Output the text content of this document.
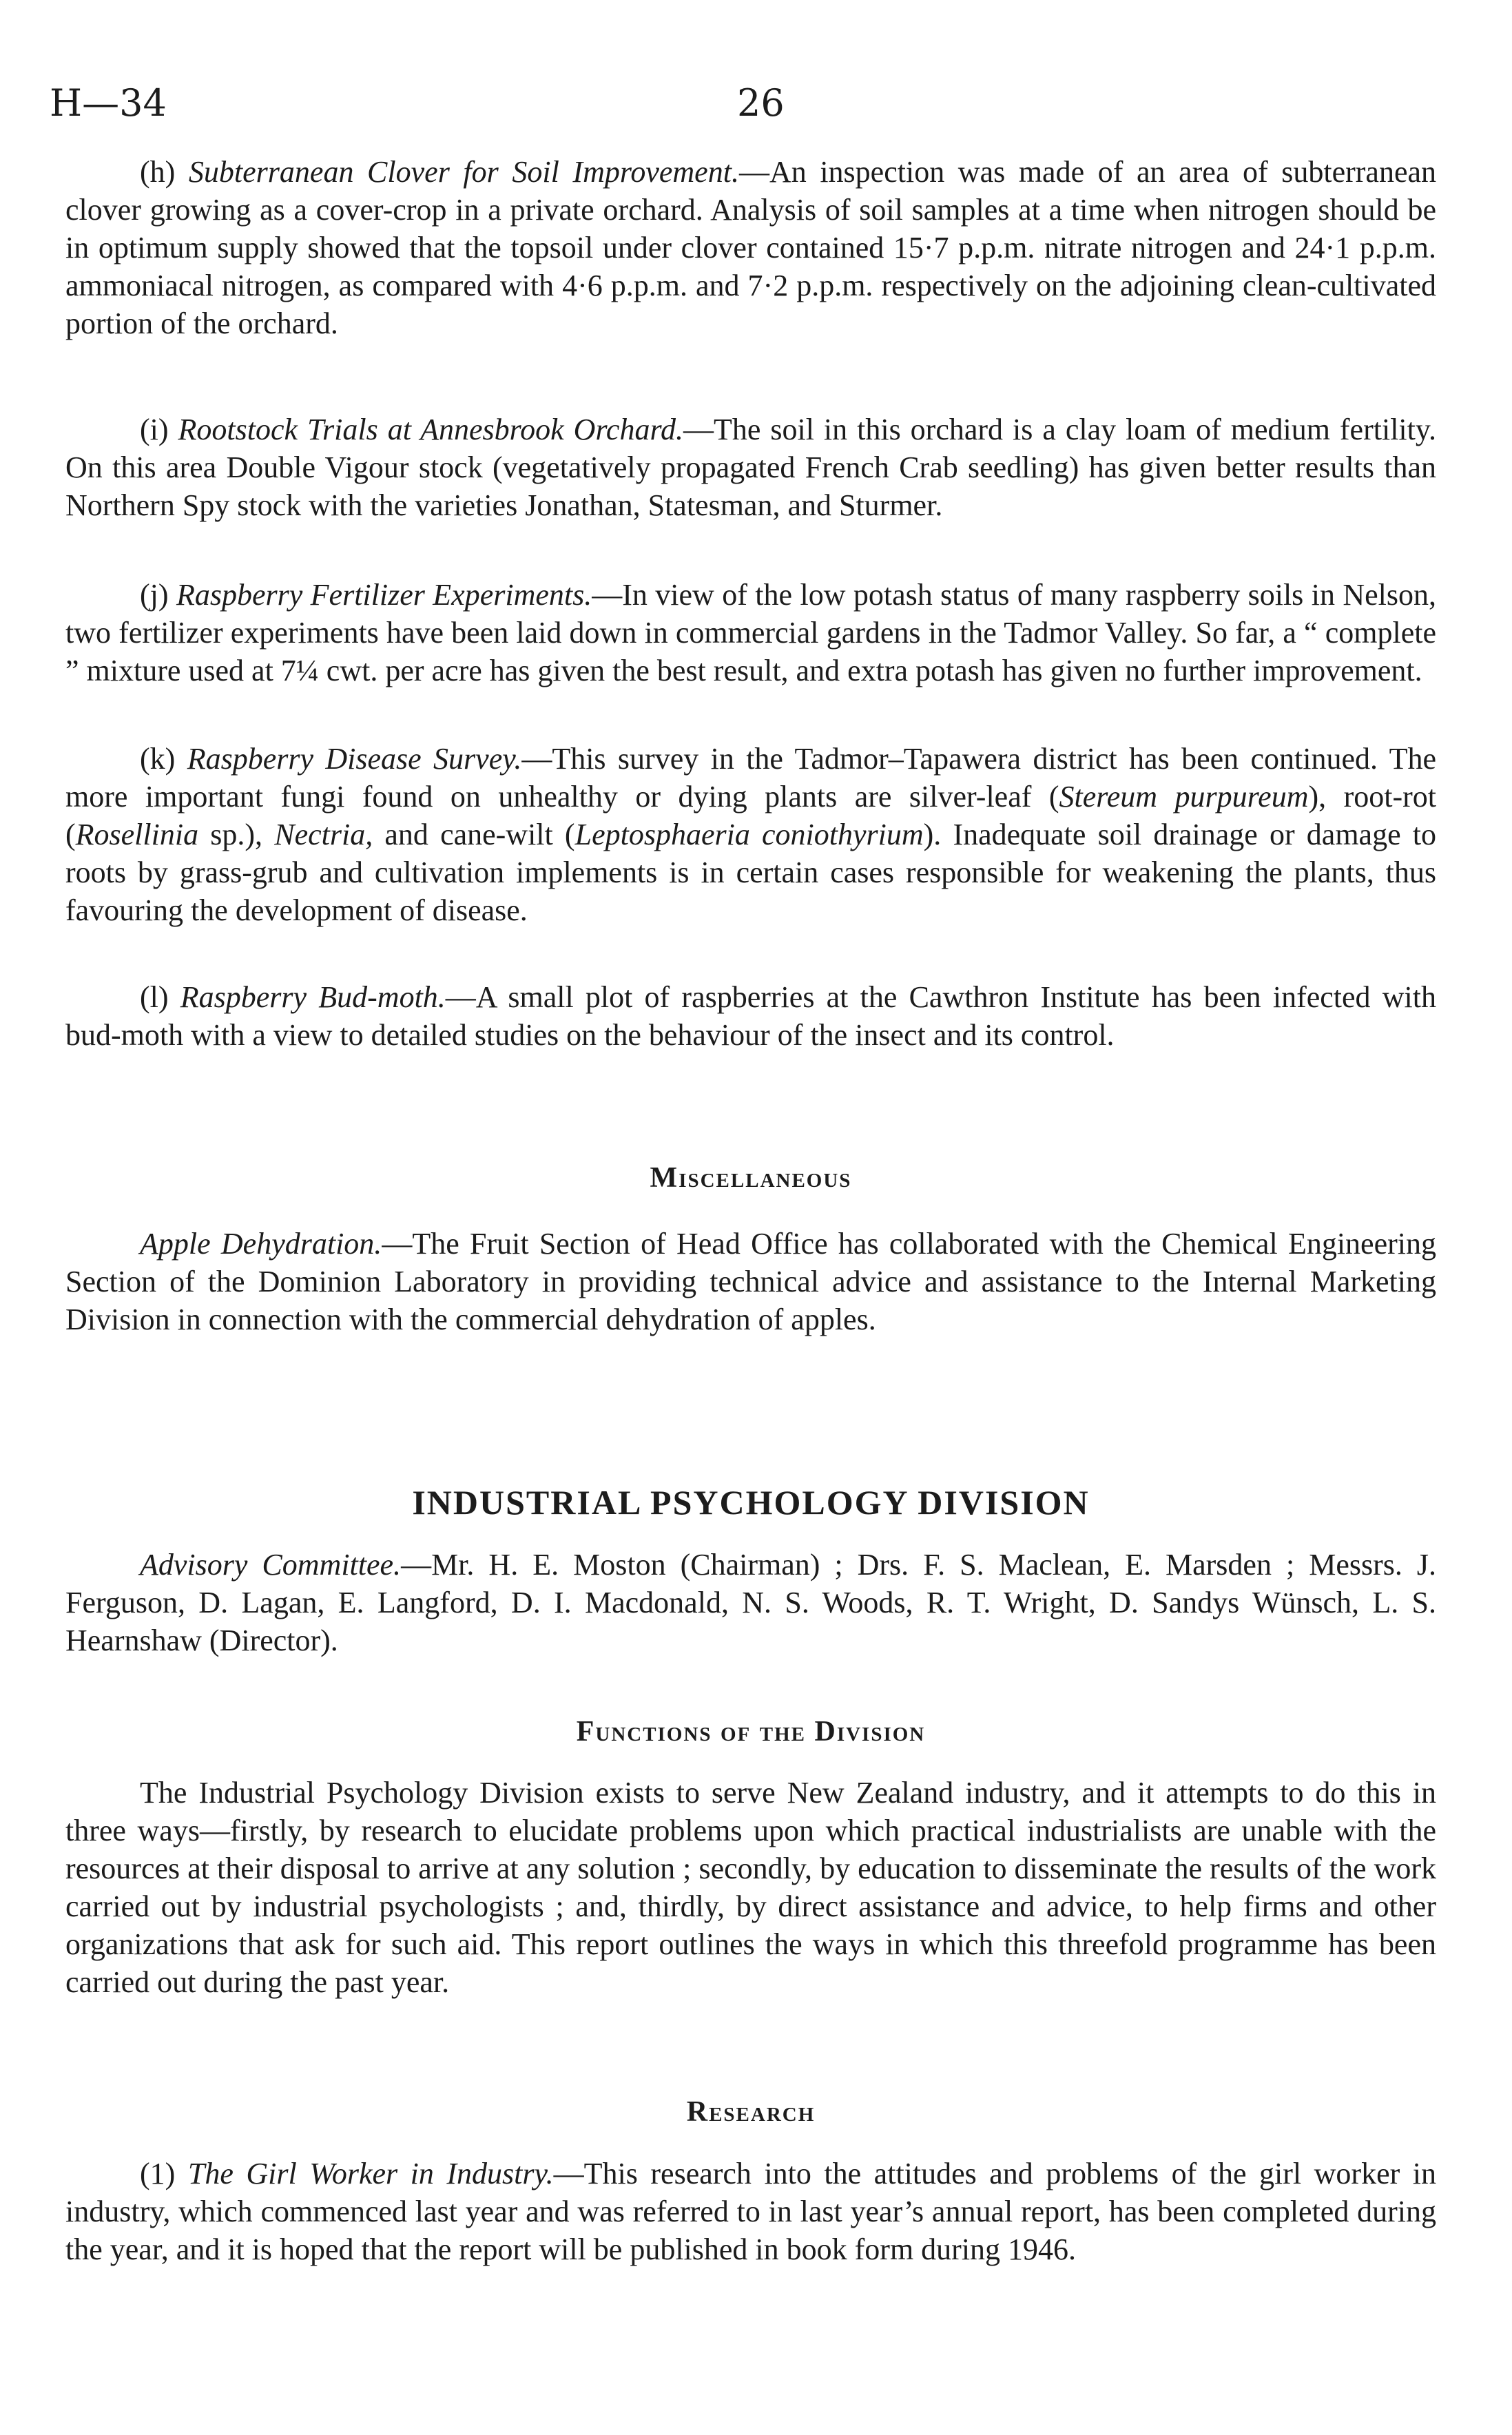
H—34	26

(h) Subterranean Clover for Soil Improvement.—An inspection was made of an area of subterranean clover growing as a cover-crop in a private orchard. Analysis of soil samples at a time when nitrogen should be in optimum supply showed that the topsoil under clover contained 15·7 p.p.m. nitrate nitrogen and 24·1 p.p.m. ammoniacal nitrogen, as compared with 4·6 p.p.m. and 7·2 p.p.m. respectively on the adjoining clean-cultivated portion of the orchard.

(i) Rootstock Trials at Annesbrook Orchard.—The soil in this orchard is a clay loam of medium fertility. On this area Double Vigour stock (vegetatively propagated French Crab seedling) has given better results than Northern Spy stock with the varieties Jonathan, Statesman, and Sturmer.

(j) Raspberry Fertilizer Experiments.—In view of the low potash status of many raspberry soils in Nelson, two fertilizer experiments have been laid down in commercial gardens in the Tadmor Valley. So far, a “ complete ” mixture used at 7¼ cwt. per acre has given the best result, and extra potash has given no further improvement.

(k) Raspberry Disease Survey.—This survey in the Tadmor–Tapawera district has been continued. The more important fungi found on unhealthy or dying plants are silver-leaf (Stereum purpureum), root-rot (Rosellinia sp.), Nectria, and cane-wilt (Leptosphaeria coniothyrium). Inadequate soil drainage or damage to roots by grass-grub and cultivation implements is in certain cases responsible for weakening the plants, thus favouring the development of disease.

(l) Raspberry Bud-moth.—A small plot of raspberries at the Cawthron Institute has been infected with bud-moth with a view to detailed studies on the behaviour of the insect and its control.

Miscellaneous

Apple Dehydration.—The Fruit Section of Head Office has collaborated with the Chemical Engineering Section of the Dominion Laboratory in providing technical advice and assistance to the Internal Marketing Division in connection with the commercial dehydration of apples.

INDUSTRIAL PSYCHOLOGY DIVISION

Advisory Committee.—Mr. H. E. Moston (Chairman) ; Drs. F. S. Maclean, E. Marsden ; Messrs. J. Ferguson, D. Lagan, E. Langford, D. I. Macdonald, N. S. Woods, R. T. Wright, D. Sandys Wünsch, L. S. Hearnshaw (Director).

Functions of the Division

The Industrial Psychology Division exists to serve New Zealand industry, and it attempts to do this in three ways—firstly, by research to elucidate problems upon which practical industrialists are unable with the resources at their disposal to arrive at any solution ; secondly, by education to disseminate the results of the work carried out by industrial psychologists ; and, thirdly, by direct assistance and advice, to help firms and other organizations that ask for such aid. This report outlines the ways in which this threefold programme has been carried out during the past year.

Research

(1) The Girl Worker in Industry.—This research into the attitudes and problems of the girl worker in industry, which commenced last year and was referred to in last year’s annual report, has been completed during the year, and it is hoped that the report will be published in book form during 1946.
